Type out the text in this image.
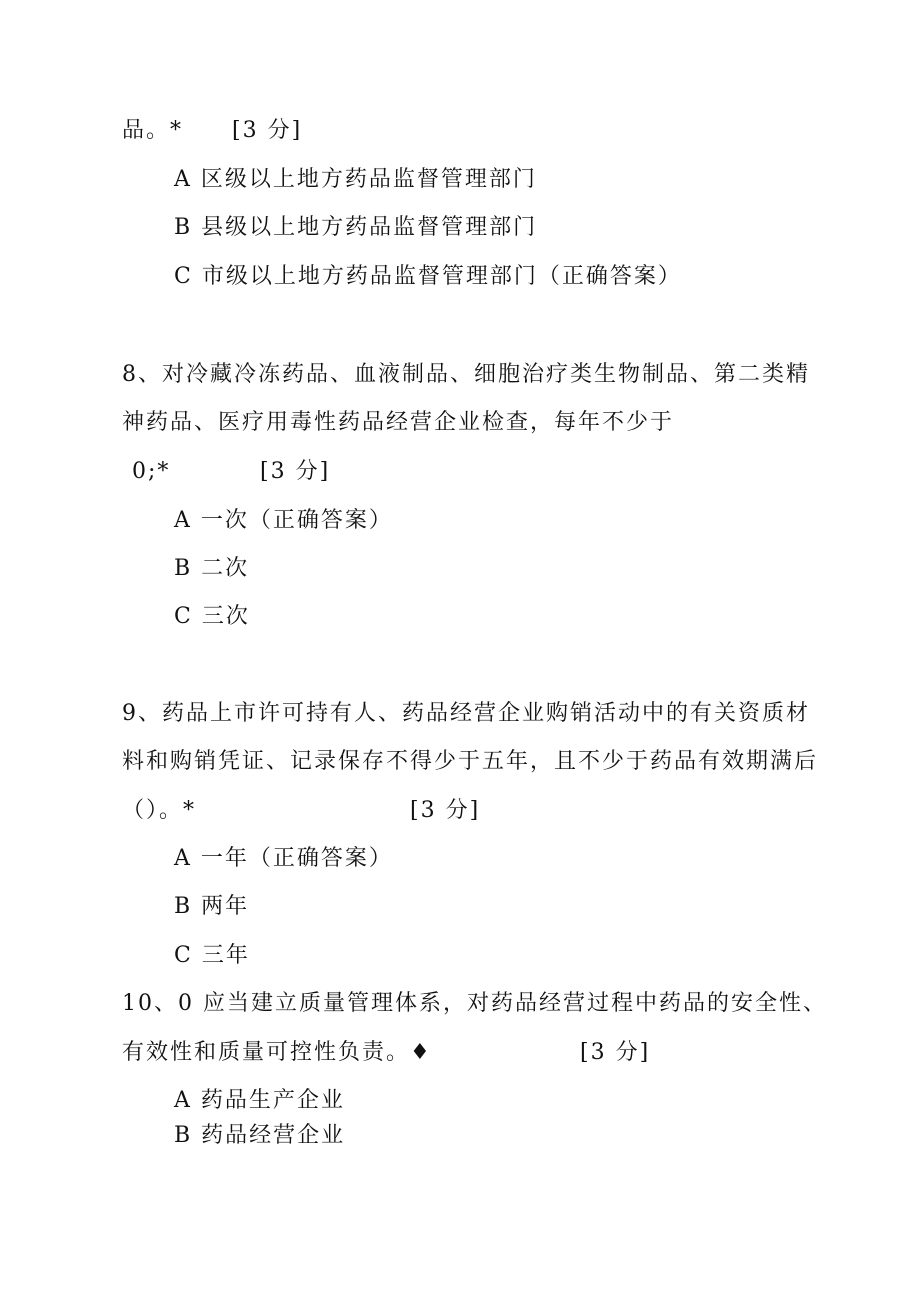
品。* [3 分]
A 区级以上地方药品监督管理部门
B 县级以上地方药品监督管理部门
C 市级以上地方药品监督管理部门（正确答案）
8、对冷藏冷冻药品、血液制品、细胞治疗类生物制品、第二类精
神药品、医疗用毒性药品经营企业检查，每年不少于
0;*	[3 分]
A 一次（正确答案）
B 二次
C 三次
9、药品上市许可持有人、药品经营企业购销活动中的有关资质材
料和购销凭证、记录保存不得少于五年，且不少于药品有效期满后
（）。*	[3 分]
A 一年（正确答案）
B 两年
C 三年
10、0 应当建立质量管理体系，对药品经营过程中药品的安全性、
有效性和质量可控性负责。♦	[3 分]
A 药品生产企业
B 药品经营企业
